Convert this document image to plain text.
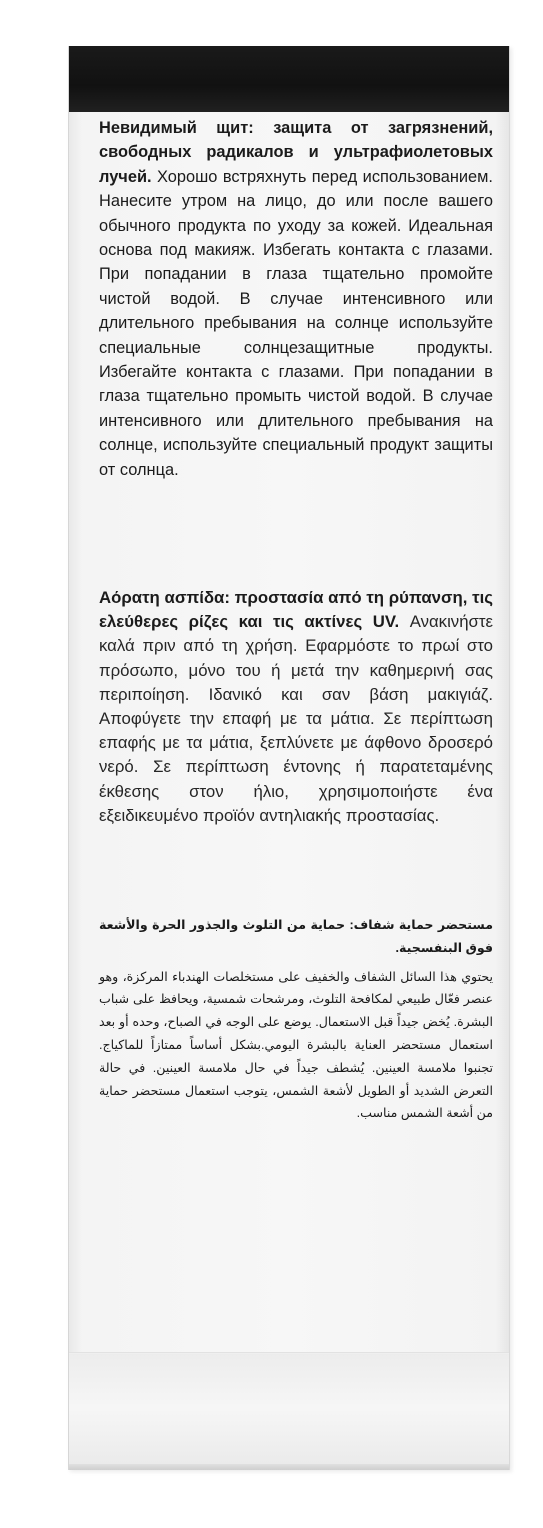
Невидимый щит: защита от загрязнений, свободных радикалов и ультрафиолетовых лучей. Хорошо встряхнуть перед использованием. Нанесите утром на лицо, до или после вашего обычного продукта по уходу за кожей. Идеальная основа под макияж. Избегать контакта с глазами. При попадании в глаза тщательно промойте чистой водой. В случае интенсивного или длительного пребывания на солнце используйте специальные солнцезащитные продукты. Избегайте контакта с глазами. При попадании в глаза тщательно промыть чистой водой. В случае интенсивного или длительного пребывания на солнце, используйте специальный продукт защиты от солнца.
Αόρατη ασπίδα: προστασία από τη ρύπανση, τις ελεύθερες ρίζες και τις ακτίνες UV. Ανακινήστε καλά πριν από τη χρήση. Εφαρμόστε το πρωί στο πρόσωπο, μόνο του ή μετά την καθημερινή σας περιποίηση. Ιδανικό και σαν βάση μακιγιάζ. Αποφύγετε την επαφή με τα μάτια. Σε περίπτωση επαφής με τα μάτια, ξεπλύνετε με άφθονο δροσερό νερό. Σε περίπτωση έντονης ή παρατεταμένης έκθεσης στον ήλιο, χρησιμοποιήστε ένα εξειδικευμένο προϊόν αντηλιακής προστασίας.
مستحضر حماية شفاف: حماية من التلوث والجذور الحرة والأشعة فوق البنفسجية.
يحتوي هذا السائل الشفاف والخفيف على مستخلصات الهندباء المركزة، وهو عنصر فعّال طبيعي لمكافحة التلوث، ومرشحات شمسية، ويحافظ على شباب البشرة. يُخض جيداً قبل الاستعمال. يوضع على الوجه في الصباح، وحده أو بعد استعمال مستحضر العناية بالبشرة اليومي.بشكل أساساً ممتازاً للماكياج. تجنبوا ملامسة العينين. يُشطف جيداً في حال ملامسة العينين. في حالة التعرض الشديد أو الطويل لأشعة الشمس، يتوجب استعمال مستحضر حماية من أشعة الشمس مناسب.
